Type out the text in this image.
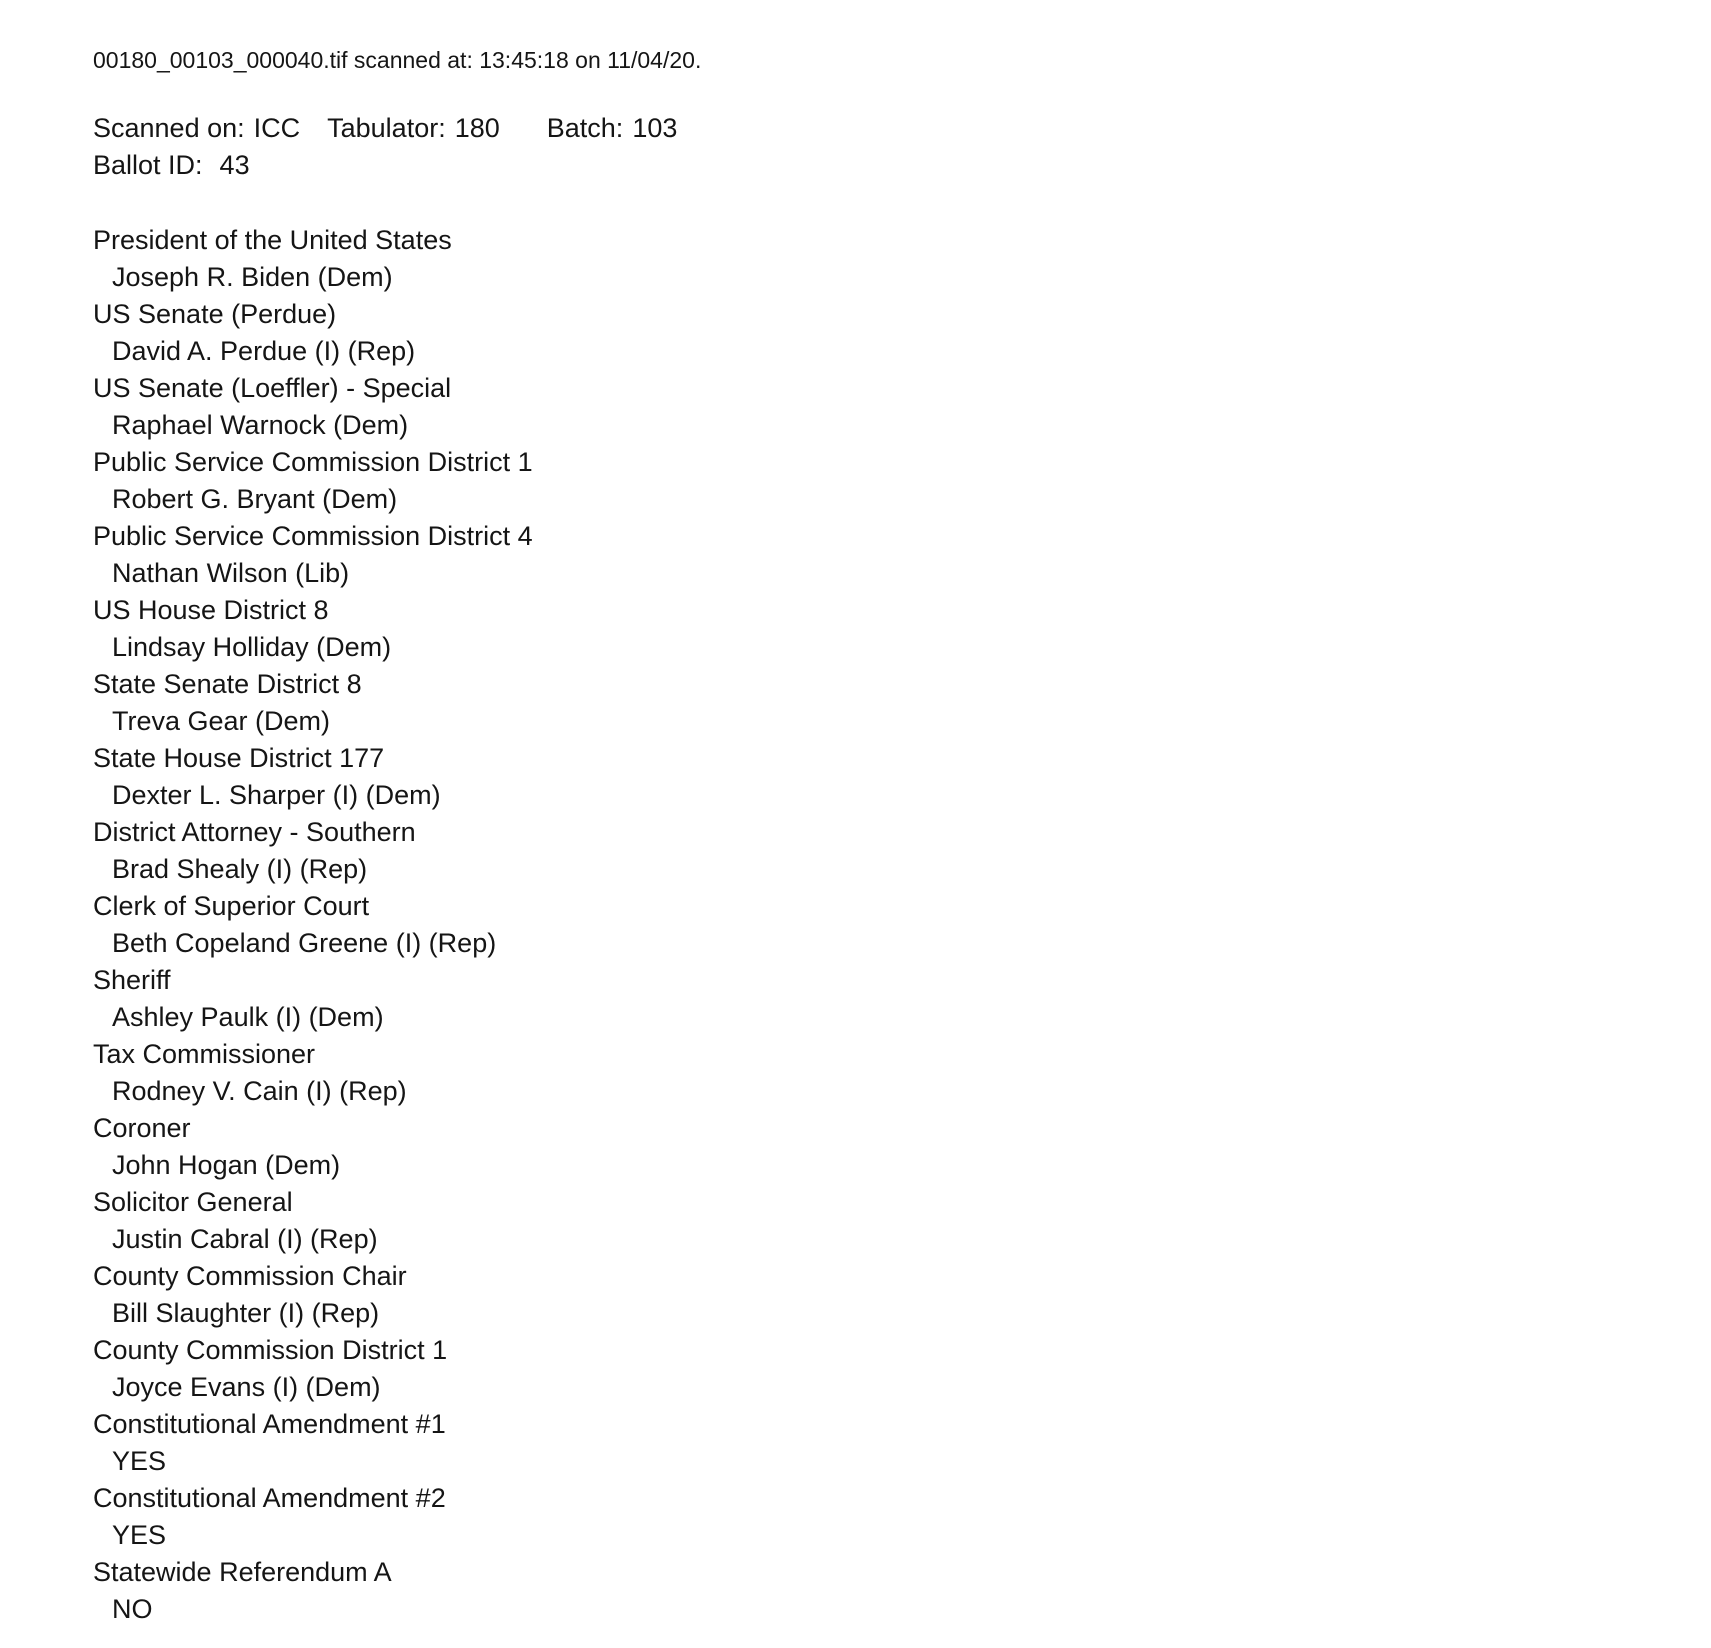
00180_00103_000040.tif scanned at: 13:45:18 on 11/04/20.
Scanned on: ICC Tabulator: 180 Batch: 103
Ballot ID: 43
President of the United States
Joseph R. Biden (Dem)
US Senate (Perdue)
David A. Perdue (I) (Rep)
US Senate (Loeffler) - Special
Raphael Warnock (Dem)
Public Service Commission District 1
Robert G. Bryant (Dem)
Public Service Commission District 4
Nathan Wilson (Lib)
US House District 8
Lindsay Holliday (Dem)
State Senate District 8
Treva Gear (Dem)
State House District 177
Dexter L. Sharper (I) (Dem)
District Attorney - Southern
Brad Shealy (I) (Rep)
Clerk of Superior Court
Beth Copeland Greene (I) (Rep)
Sheriff
Ashley Paulk (I) (Dem)
Tax Commissioner
Rodney V. Cain (I) (Rep)
Coroner
John Hogan (Dem)
Solicitor General
Justin Cabral (I) (Rep)
County Commission Chair
Bill Slaughter (I) (Rep)
County Commission District 1
Joyce Evans (I) (Dem)
Constitutional Amendment #1
YES
Constitutional Amendment #2
YES
Statewide Referendum A
NO
